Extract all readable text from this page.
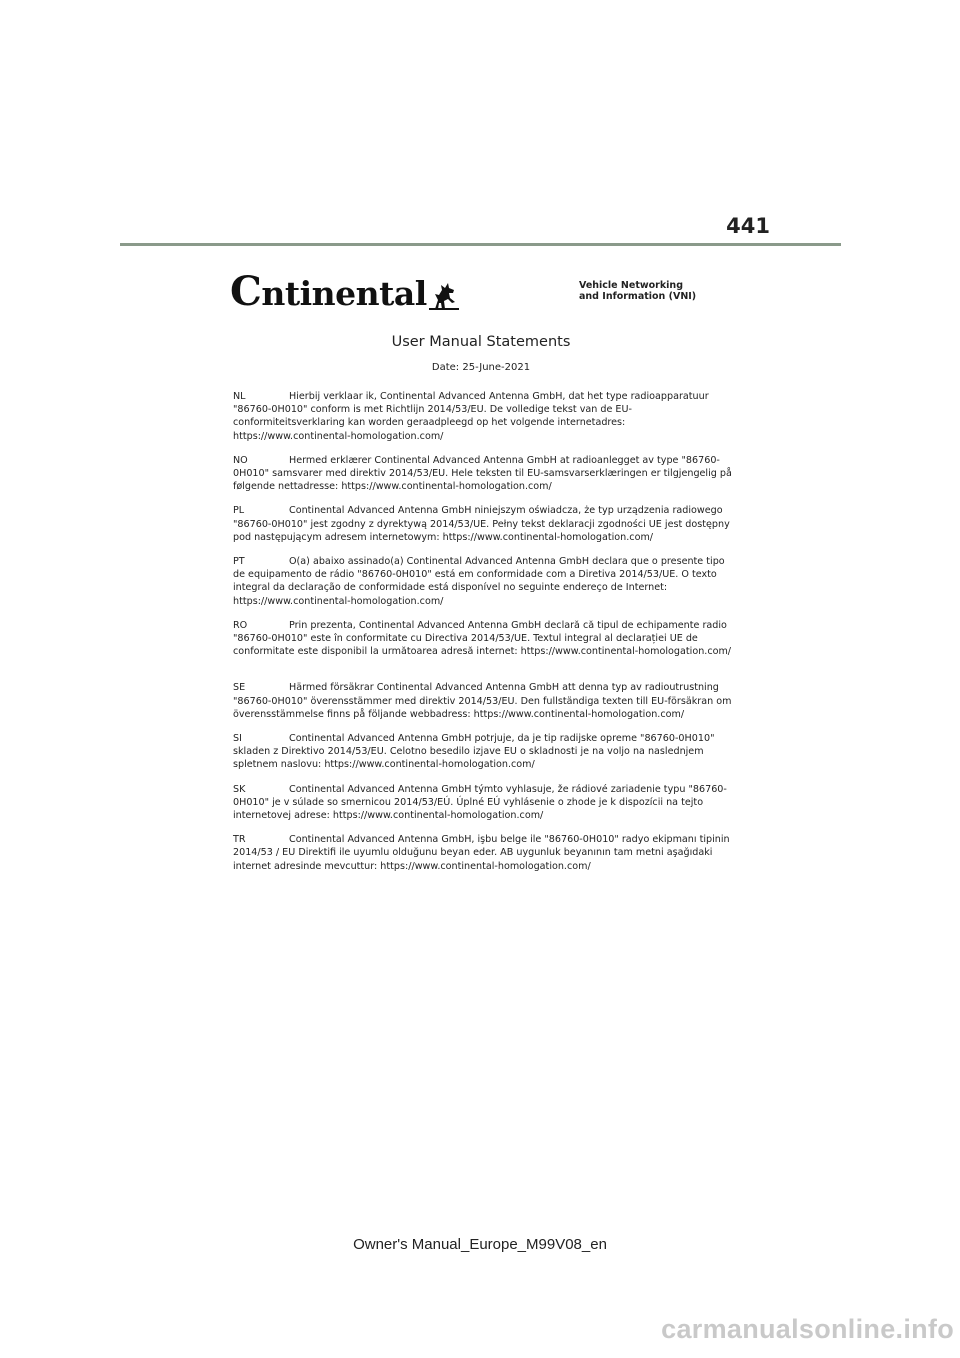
441
Cntinental	Vehicle Networking
and Information (VNI)
User Manual Statements
Date: 25-June-2021

NL	Hierbij verklaar ik, Continental Advanced Antenna GmbH, dat het type radioapparatuur "86760-0H010" conform is met Richtlijn 2014/53/EU. De volledige tekst van de EU-conformiteitsverklaring kan worden geraadpleegd op het volgende internetadres: https://www.continental-homologation.com/

NO	Hermed erklærer Continental Advanced Antenna GmbH at radioanlegget av type "86760-0H010" samsvarer med direktiv 2014/53/EU. Hele teksten til EU-samsvarserklæringen er tilgjengelig på følgende nettadresse: https://www.continental-homologation.com/

PL	Continental Advanced Antenna GmbH niniejszym oświadcza, że typ urządzenia radiowego "86760-0H010" jest zgodny z dyrektywą 2014/53/UE. Pełny tekst deklaracji zgodności UE jest dostępny pod następującym adresem internetowym: https://www.continental-homologation.com/

PT	O(a) abaixo assinado(a) Continental Advanced Antenna GmbH declara que o presente tipo de equipamento de rádio "86760-0H010" está em conformidade com a Diretiva 2014/53/UE. O texto integral da declaração de conformidade está disponível no seguinte endereço de Internet: https://www.continental-homologation.com/

RO	Prin prezenta, Continental Advanced Antenna GmbH declară că tipul de echipamente radio "86760-0H010" este în conformitate cu Directiva 2014/53/UE. Textul integral al declarației UE de conformitate este disponibil la următoarea adresă internet: https://www.continental-homologation.com/

SE	Härmed försäkrar Continental Advanced Antenna GmbH att denna typ av radioutrustning "86760-0H010" överensstämmer med direktiv 2014/53/EU. Den fullständiga texten till EU-försäkran om överensstämmelse finns på följande webbadress: https://www.continental-homologation.com/

SI	Continental Advanced Antenna GmbH potrjuje, da je tip radijske opreme "86760-0H010" skladen z Direktivo 2014/53/EU. Celotno besedilo izjave EU o skladnosti je na voljo na naslednjem spletnem naslovu: https://www.continental-homologation.com/

SK	Continental Advanced Antenna GmbH týmto vyhlasuje, že rádiové zariadenie typu "86760-0H010" je v súlade so smernicou 2014/53/EÚ. Úplné EÚ vyhlásenie o zhode je k dispozícii na tejto internetovej adrese: https://www.continental-homologation.com/

TR	Continental Advanced Antenna GmbH, işbu belge ile "86760-0H010" radyo ekipmanı tipinin 2014/53 / EU Direktifi ile uyumlu olduğunu beyan eder. AB uygunluk beyanının tam metni aşağıdaki internet adresinde mevcuttur: https://www.continental-homologation.com/

Owner's Manual_Europe_M99V08_en
carmanualsonline.info
